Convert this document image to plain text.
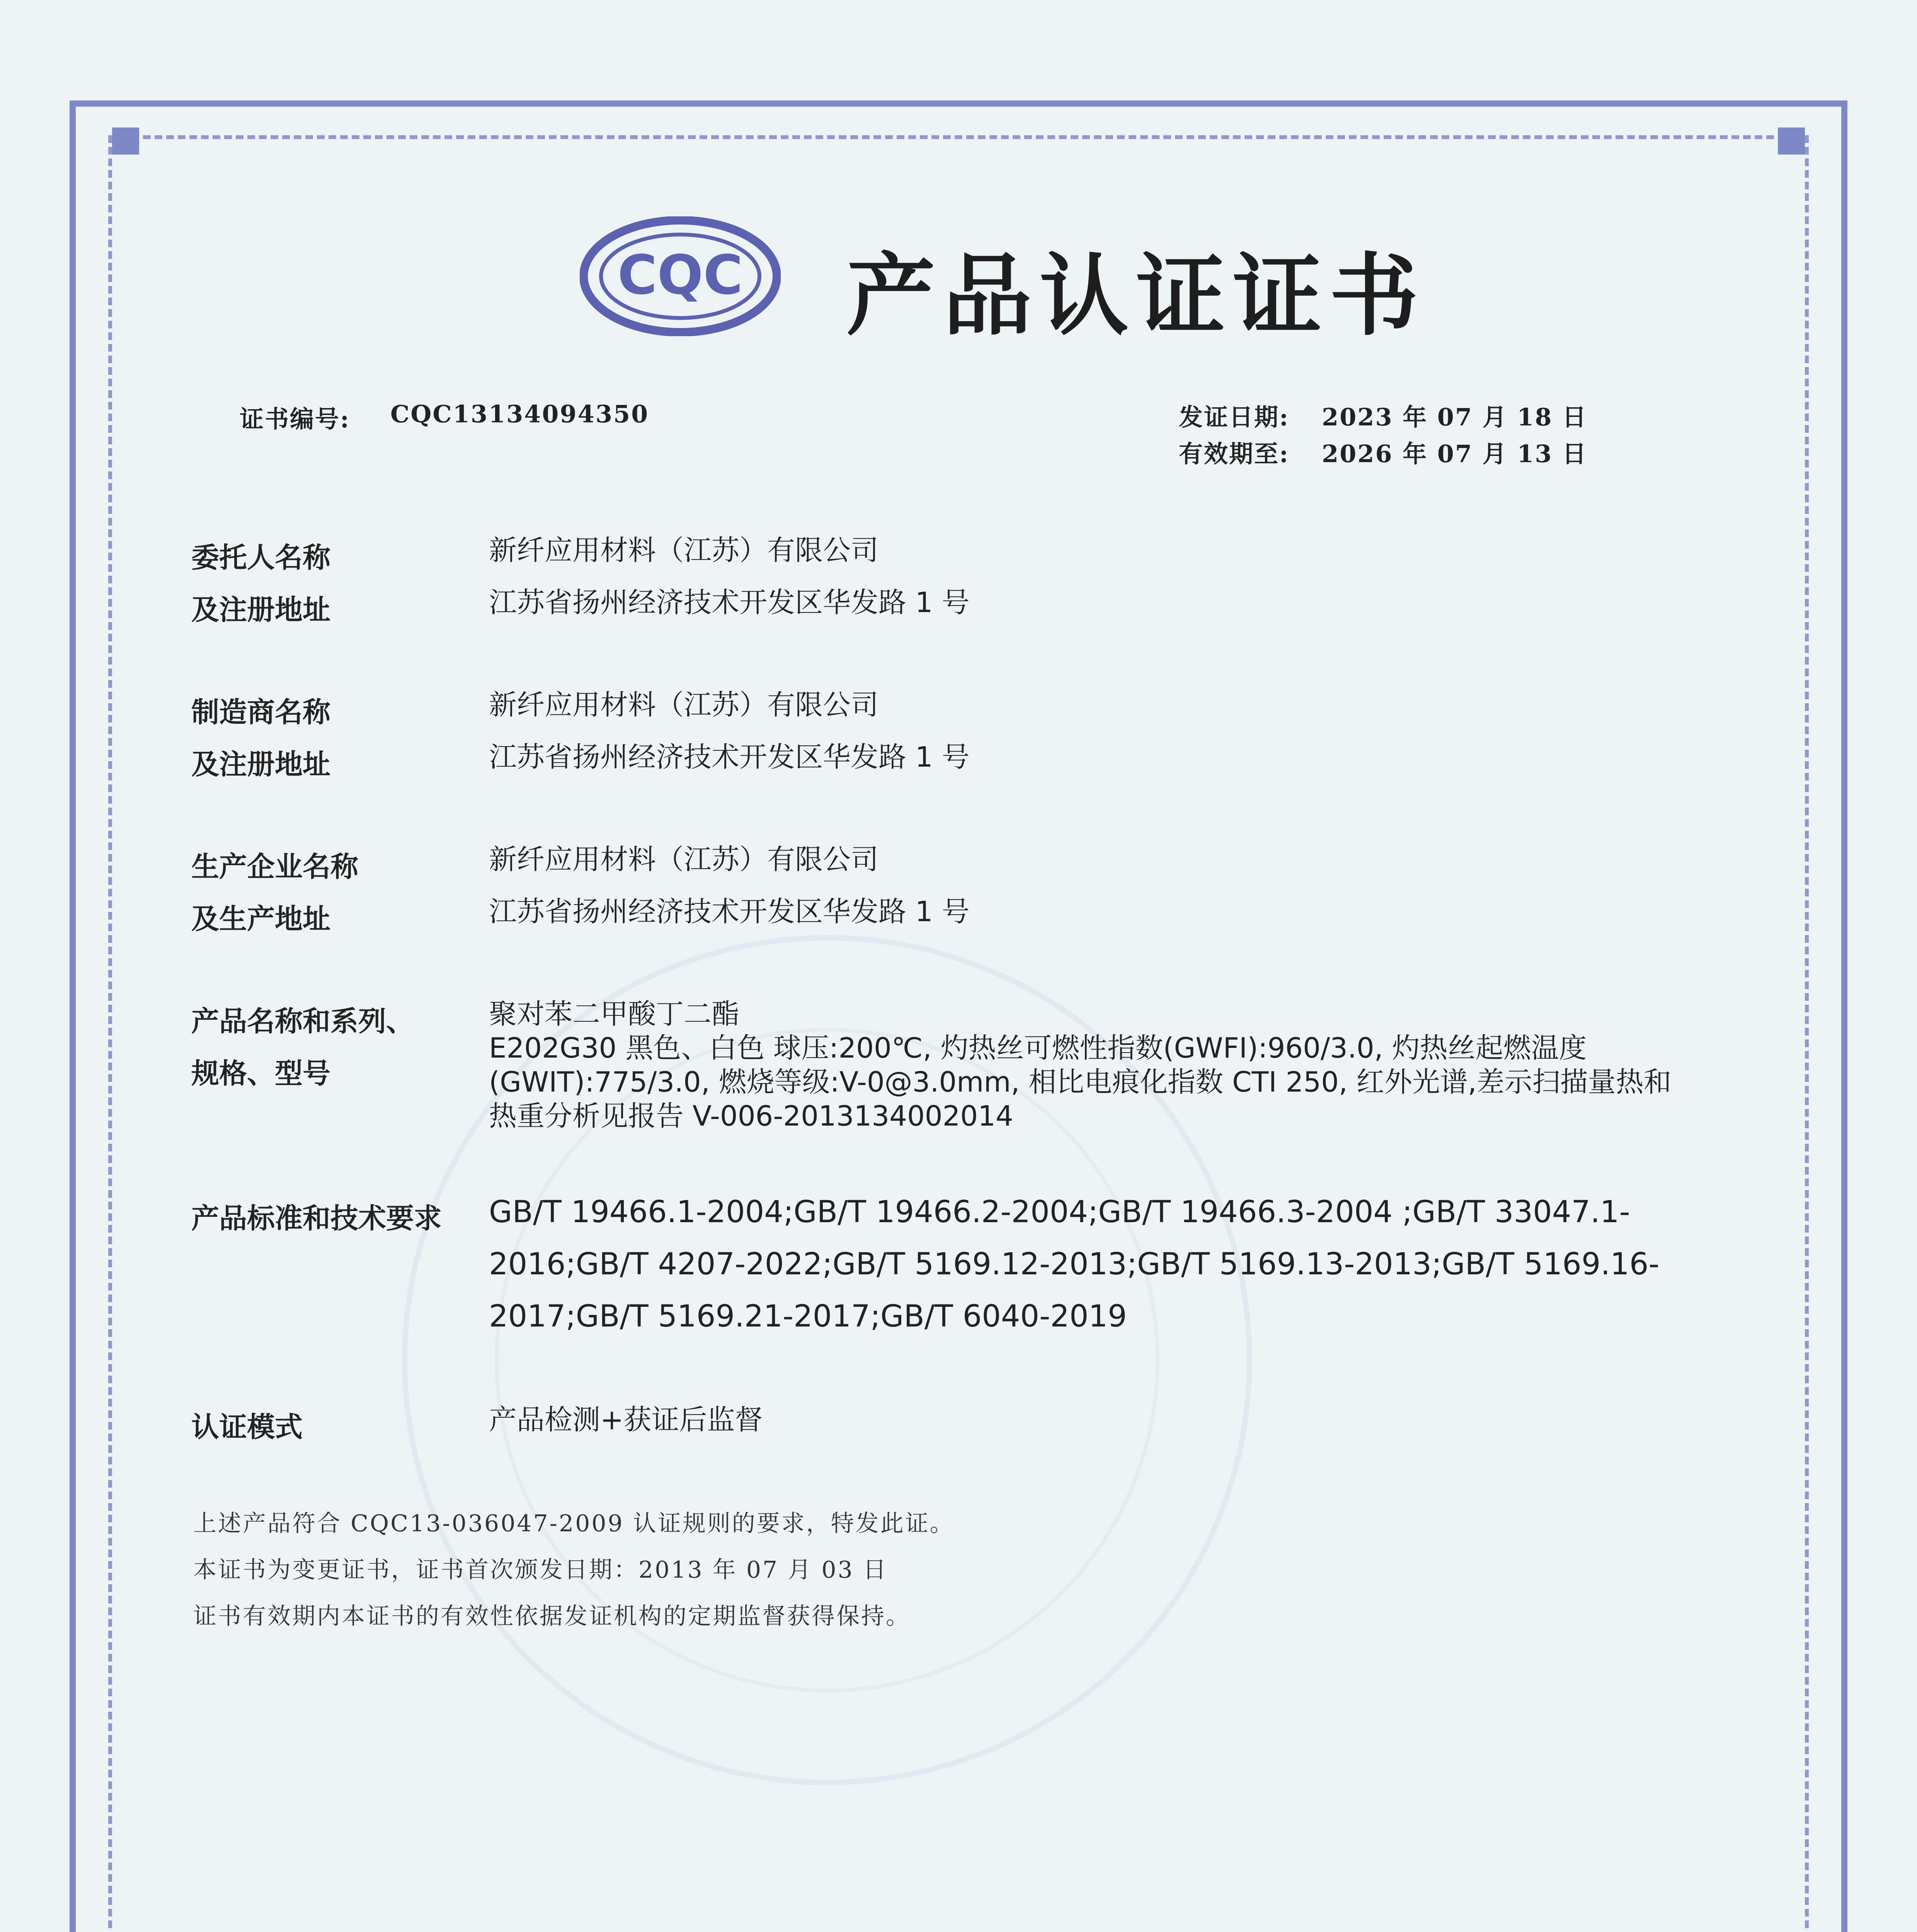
CQC 产品认证证书
证书编号: CQC13134094350	发证日期: 2023 年 07 月 18 日
有效期至: 2026 年 07 月 13 日
委托人名称
及注册地址
新纤应用材料（江苏）有限公司
江苏省扬州经济技术开发区华发路 1 号
制造商名称
及注册地址
新纤应用材料（江苏）有限公司
江苏省扬州经济技术开发区华发路 1 号
生产企业名称
及生产地址
新纤应用材料（江苏）有限公司
江苏省扬州经济技术开发区华发路 1 号
产品名称和系列、
规格、型号
聚对苯二甲酸丁二酯
E202G30 黑色、白色 球压:200℃, 灼热丝可燃性指数(GWFI):960/3.0, 灼热丝起燃温度
(GWIT):775/3.0, 燃烧等级:V-0@3.0mm, 相比电痕化指数 CTI 250, 红外光谱,差示扫描量热和
热重分析见报告 V-006-2013134002014
产品标准和技术要求 GB/T 19466.1-2004;GB/T 19466.2-2004;GB/T 19466.3-2004 ;GB/T 33047.1-2016;GB/T 4207-2022;GB/T 5169.12-2013;GB/T 5169.13-2013;GB/T 5169.16-2017;GB/T 5169.21-2017;GB/T 6040-2019
认证模式	产品检测+获证后监督
上述产品符合 CQC13-036047-2009 认证规则的要求，特发此证。
本证书为变更证书，证书首次颁发日期：2013 年 07 月 03 日
证书有效期内本证书的有效性依据发证机构的定期监督获得保持。
